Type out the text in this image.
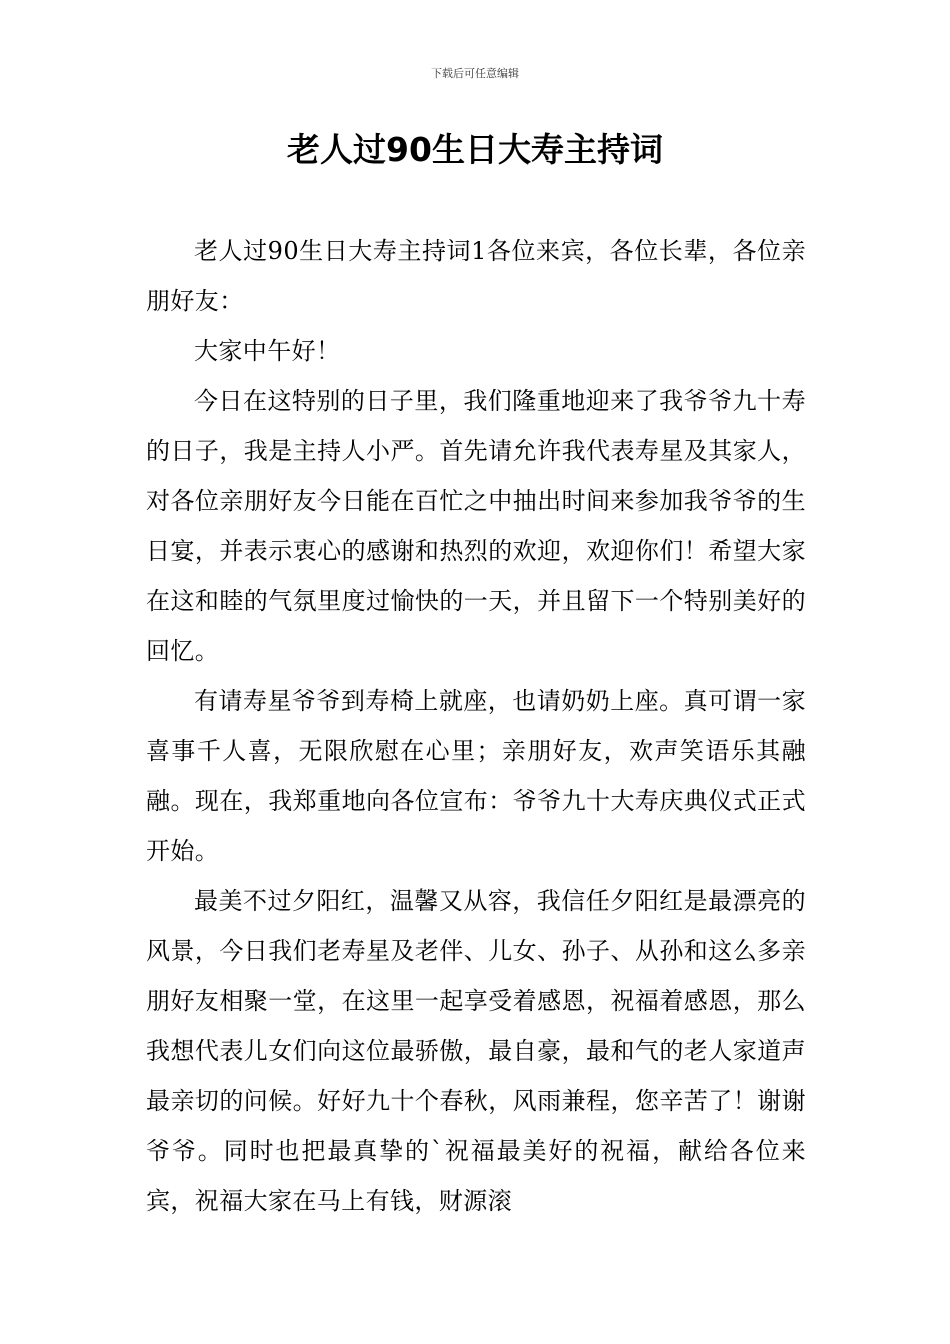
下载后可任意编辑
老人过90生日大寿主持词

老人过90生日大寿主持词1各位来宾，各位长辈，各位亲朋好友：

大家中午好！

今日在这特别的日子里，我们隆重地迎来了我爷爷九十寿的日子，我是主持人小严。首先请允许我代表寿星及其家人，对各位亲朋好友今日能在百忙之中抽出时间来参加我爷爷的生日宴，并表示衷心的感谢和热烈的欢迎，欢迎你们！希望大家在这和睦的气氛里度过愉快的一天，并且留下一个特别美好的回忆。

有请寿星爷爷到寿椅上就座，也请奶奶上座。真可谓一家喜事千人喜，无限欣慰在心里；亲朋好友，欢声笑语乐其融融。现在，我郑重地向各位宣布：爷爷九十大寿庆典仪式正式开始。

最美不过夕阳红，温馨又从容，我信任夕阳红是最漂亮的风景，今日我们老寿星及老伴、儿女、孙子、从孙和这么多亲朋好友相聚一堂，在这里一起享受着感恩，祝福着感恩，那么我想代表儿女们向这位最骄傲，最自豪，最和气的老人家道声最亲切的问候。好好九十个春秋，风雨兼程，您辛苦了！谢谢爷爷。同时也把最真挚的`祝福最美好的祝福，献给各位来宾，祝福大家在马上有钱，财源滚
